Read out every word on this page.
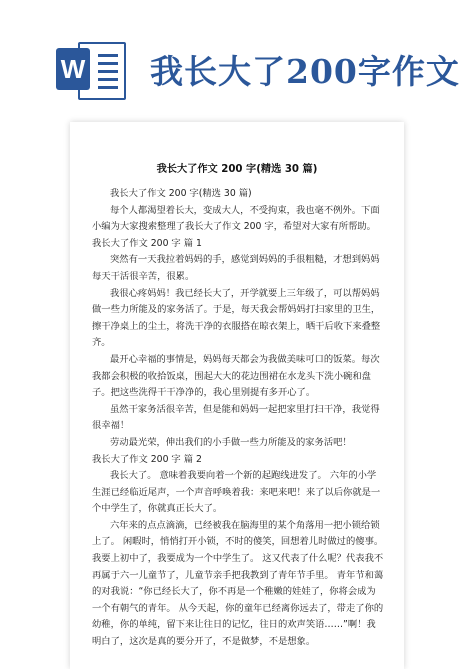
W 我长大了200字作文
我长大了作文 200 字(精选 30 篇)

我长大了作文 200 字(精选 30 篇)

每个人都渴望着长大，变成大人，不受拘束，我也毫不例外。下面小编为大家搜索整理了我长大了作文 200 字，希望对大家有所帮助。

我长大了作文 200 字 篇 1

突然有一天我拉着妈妈的手，感觉到妈妈的手很粗糙，才想到妈妈每天干活很辛苦，很累。

我很心疼妈妈！我已经长大了，开学就要上三年级了，可以帮妈妈做一些力所能及的家务活了。于是，每天我会帮妈妈打扫家里的卫生，擦干净桌上的尘土，将洗干净的衣服搭在晾衣架上，晒干后收下来叠整齐。

最开心幸福的事情是，妈妈每天都会为我做美味可口的饭菜。每次我都会积极的收拾饭桌，围起大大的花边围裙在水龙头下洗小碗和盘子。把这些洗得干干净净的，我心里别提有多开心了。

虽然干家务活很辛苦，但是能和妈妈一起把家里打扫干净，我觉得很幸福！

劳动最光荣，伸出我们的小手做一些力所能及的家务活吧！

我长大了作文 200 字 篇 2

我长大了。 意味着我要向着一个新的起跑线进发了。 六年的小学生涯已经临近尾声，一个声音呼唤着我：来吧来吧！来了以后你就是一个中学生了，你就真正长大了。

六年来的点点滴滴，已经被我在脑海里的某个角落用一把小锁给锁上了。 闲暇时，悄悄打开小锁，不时的傻笑，回想着儿时做过的傻事。我要上初中了，我要成为一个中学生了。 这又代表了什么呢？代表我不再属于六一儿童节了，儿童节亲手把我教到了青年节手里。 青年节和蔼的对我说：“你已经长大了，你不再是一个稚嫩的娃娃了，你将会成为一个有朝气的青年。 从今天起，你的童年已经离你远去了，带走了你的幼稚，你的单纯，留下来让往日的记忆，往日的欢声笑语……”啊！我明白了，这次是真的要分开了，不是做梦，不是想象。
